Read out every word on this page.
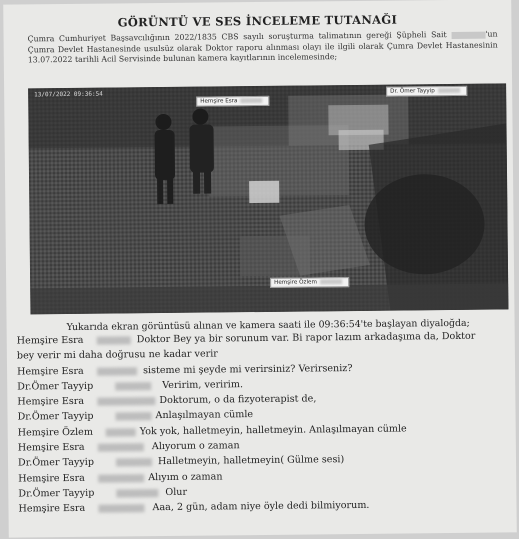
GÖRÜNTÜ VE SES İNCELEME TUTANAĞI
Çumra Cumhuriyet Başsavcılığının 2022/1835 CBS sayılı soruşturma talimatının gereği Şüpheli Sait	'un Çumra Devlet Hastanesinde usulsüz olarak Doktor raporu alınması olayı ile ilgili olarak Çumra Devlet Hastanesinin 13.07.2022 tarihli Acil Servisinde bulunan kamera kayıtlarının incelemesinde;
13/07/2022 09:36:54
Hemşire Esra
Dr. Ömer Tayyip
Hemşire Özlem
Yukarıda ekran görüntüsü alınan ve kamera saati ile 09:36:54'te başlayan diyaloğda;
Hemşire Esra	Doktor Bey ya bir sorunum var. Bi rapor lazım arkadaşıma da, Doktor
bey verir mi daha doğrusu ne kadar verir
Hemşire Esra	sisteme mi şeyde mi verirsiniz? Verirseniz?
Dr.Ömer Tayyip	Veririm, veririm.
Hemşire Esra	Doktorum, o da fizyoterapist de,
Dr.Ömer Tayyip	Anlaşılmayan cümle
Hemşire Özlem	Yok yok, halletmeyin, halletmeyin. Anlaşılmayan cümle
Hemşire Esra	Alıyorum o zaman
Dr.Ömer Tayyip	Halletmeyin, halletmeyin( Gülme sesi)
Hemşire Esra	Alıyım o zaman
Dr.Ömer Tayyip	Olur
Hemşire Esra	Aaa, 2 gün, adam niye öyle dedi bilmiyorum.
